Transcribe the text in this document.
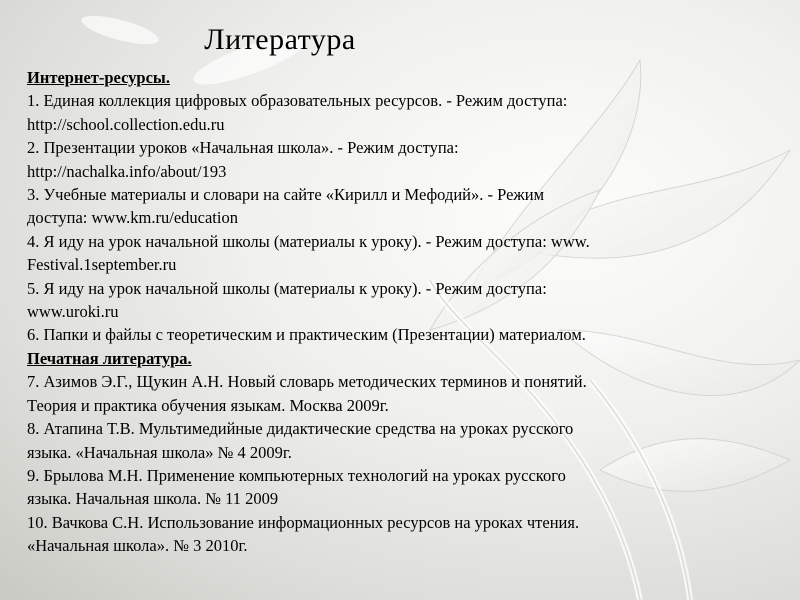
Литература
Интернет-ресурсы.
1. Единая коллекция цифровых образовательных ресурсов. - Режим доступа:
http://school.collection.edu.ru
2. Презентации уроков «Начальная школа». - Режим доступа:
http://nachalka.info/about/193
3. Учебные материалы и словари на сайте «Кирилл и Мефодий». - Режим
доступа: www.km.ru/education
4. Я иду на урок начальной школы (материалы к уроку). - Режим доступа: www.
Festival.1september.ru
5. Я иду на урок начальной школы (материалы к уроку). - Режим доступа:
www.uroki.ru
6. Папки и файлы с теоретическим и практическим (Презентации) материалом.
Печатная литература.
7. Азимов Э.Г., Щукин А.Н. Новый словарь методических терминов и понятий.
Теория и практика обучения языкам. Москва 2009г.
8. Атапина Т.В. Мультимедийные дидактические средства на уроках русского
языка. «Начальная школа» № 4 2009г.
9. Брылова М.Н. Применение компьютерных технологий на уроках русского
языка. Начальная школа. № 11 2009
10. Вачкова С.Н. Использование информационных ресурсов на уроках чтения.
«Начальная школа». № 3 2010г.
